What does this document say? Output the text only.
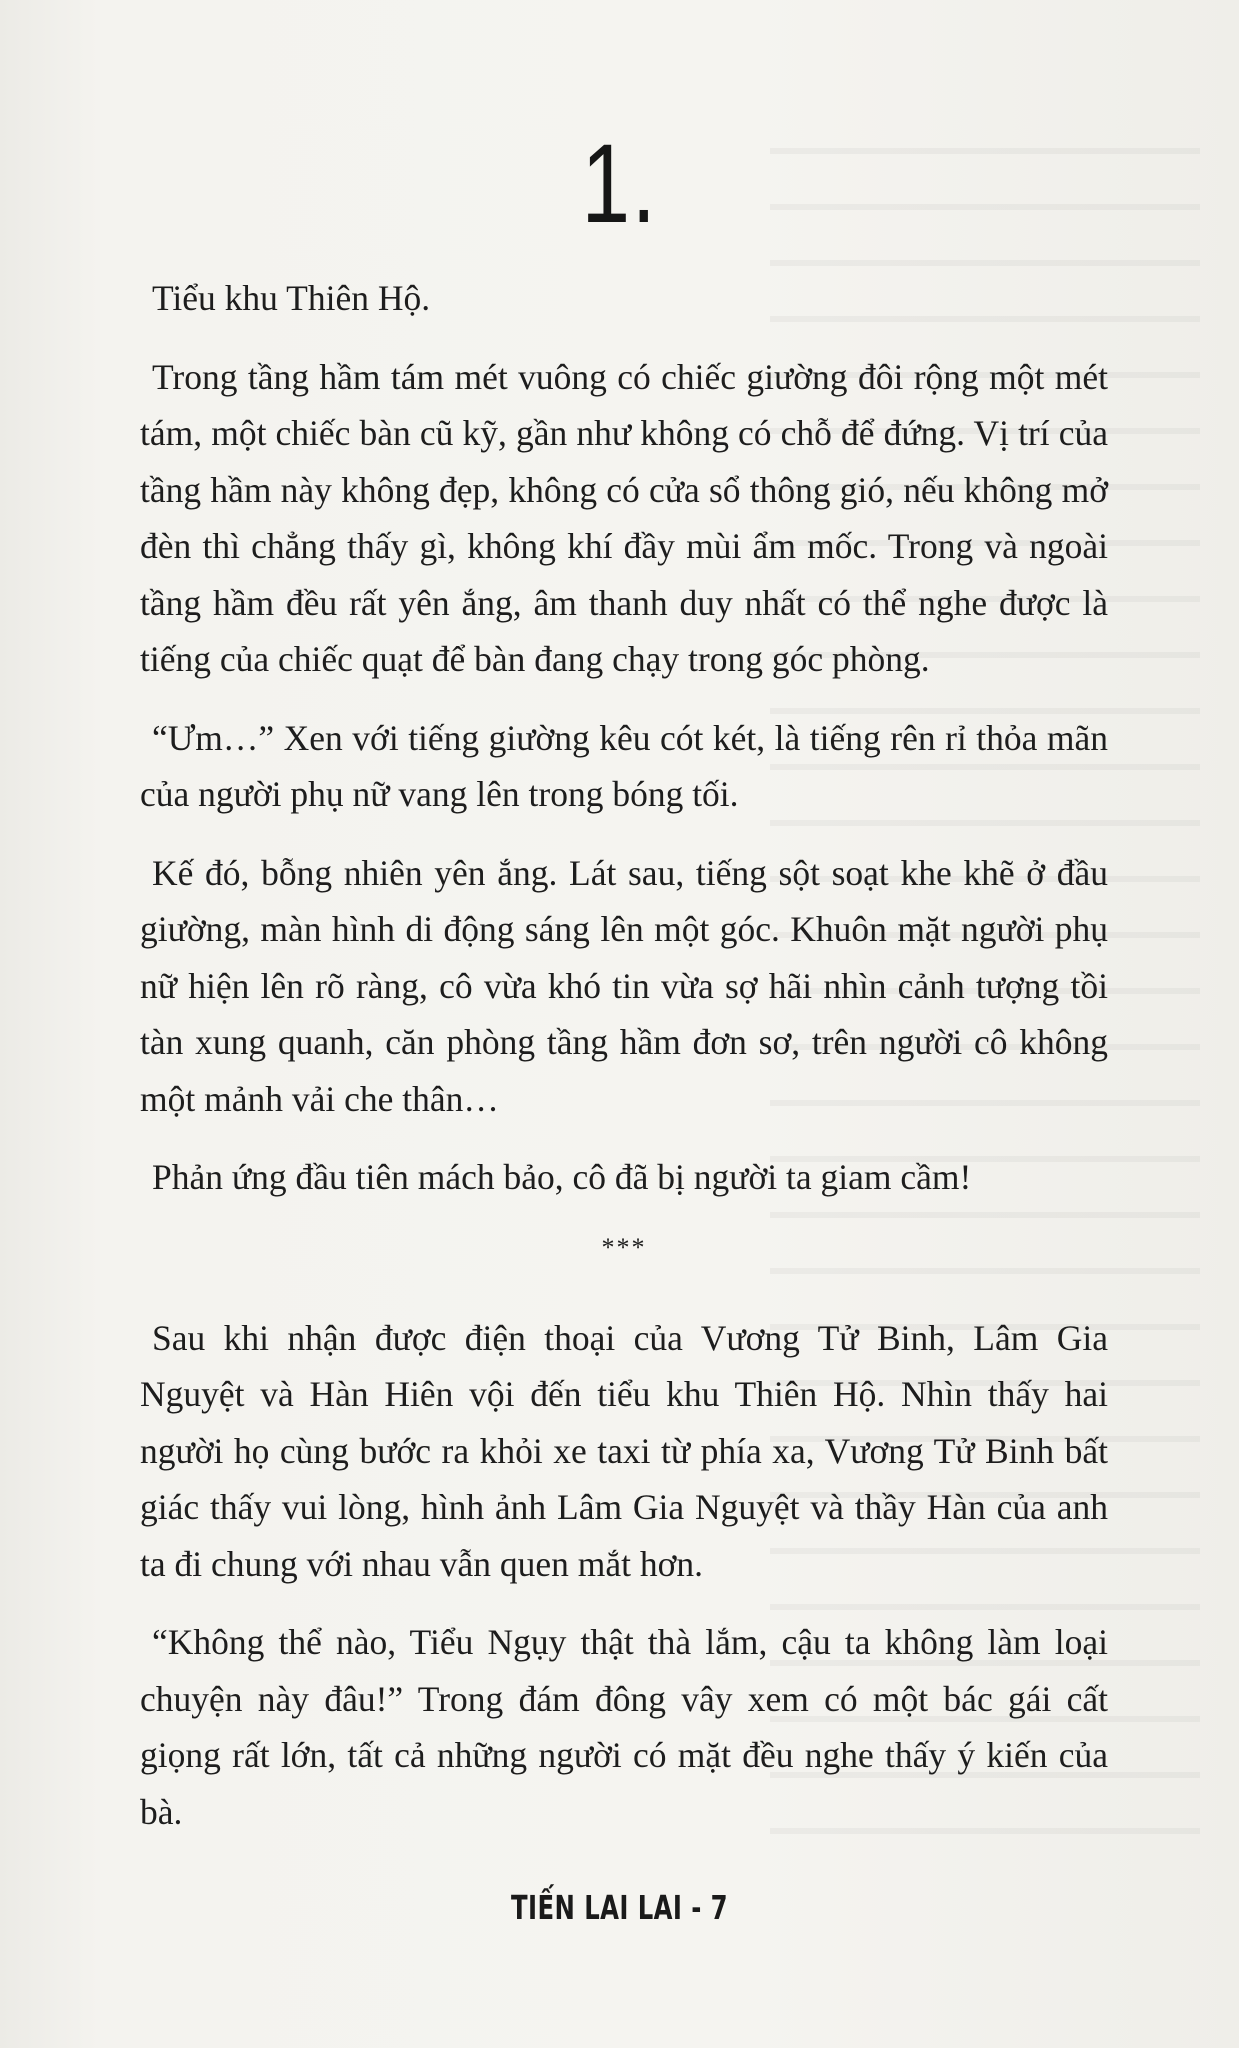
1.

Tiểu khu Thiên Hộ.

Trong tầng hầm tám mét vuông có chiếc giường đôi rộng một mét tám, một chiếc bàn cũ kỹ, gần như không có chỗ để đứng. Vị trí của tầng hầm này không đẹp, không có cửa sổ thông gió, nếu không mở đèn thì chẳng thấy gì, không khí đầy mùi ẩm mốc. Trong và ngoài tầng hầm đều rất yên ắng, âm thanh duy nhất có thể nghe được là tiếng của chiếc quạt để bàn đang chạy trong góc phòng.

“Ưm…” Xen với tiếng giường kêu cót két, là tiếng rên rỉ thỏa mãn của người phụ nữ vang lên trong bóng tối.

Kế đó, bỗng nhiên yên ắng. Lát sau, tiếng sột soạt khe khẽ ở đầu giường, màn hình di động sáng lên một góc. Khuôn mặt người phụ nữ hiện lên rõ ràng, cô vừa khó tin vừa sợ hãi nhìn cảnh tượng tồi tàn xung quanh, căn phòng tầng hầm đơn sơ, trên người cô không một mảnh vải che thân…

Phản ứng đầu tiên mách bảo, cô đã bị người ta giam cầm!

***

Sau khi nhận được điện thoại của Vương Tử Binh, Lâm Gia Nguyệt và Hàn Hiên vội đến tiểu khu Thiên Hộ. Nhìn thấy hai người họ cùng bước ra khỏi xe taxi từ phía xa, Vương Tử Binh bất giác thấy vui lòng, hình ảnh Lâm Gia Nguyệt và thầy Hàn của anh ta đi chung với nhau vẫn quen mắt hơn.

“Không thể nào, Tiểu Ngụy thật thà lắm, cậu ta không làm loại chuyện này đâu!” Trong đám đông vây xem có một bác gái cất giọng rất lớn, tất cả những người có mặt đều nghe thấy ý kiến của bà.

TIẾN LAI LAI - 7
